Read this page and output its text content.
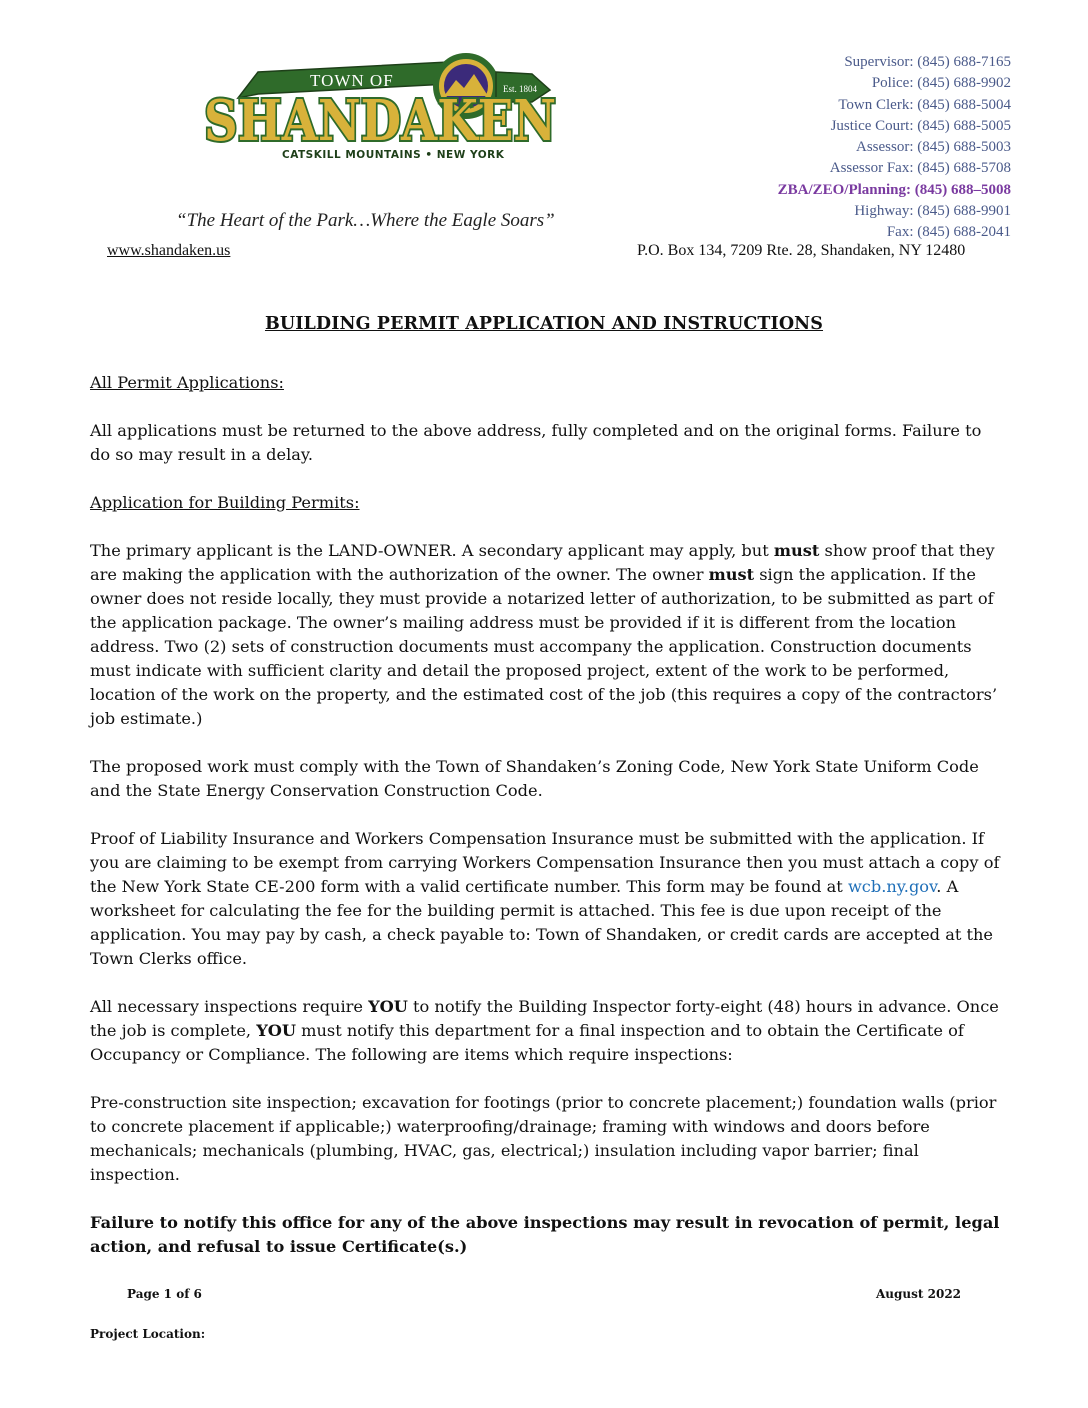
TOWN OF	Est. 1804
SHANDAKEN
CATSKILL MOUNTAINS • NEW YORK
“The Heart of the Park…Where the Eagle Soars”
www.shandaken.us	P.O. Box 134, 7209 Rte. 28, Shandaken, NY 12480
Supervisor: (845) 688-7165
Police: (845) 688-9902
Town Clerk: (845) 688-5004
Justice Court: (845) 688-5005
Assessor: (845) 688-5003
Assessor Fax: (845) 688-5708
ZBA/ZEO/Planning: (845) 688–5008
Highway: (845) 688-9901
Fax: (845) 688-2041
BUILDING PERMIT APPLICATION AND INSTRUCTIONS
All Permit Applications:
All applications must be returned to the above address, fully completed and on the original forms. Failure to do so may result in a delay.
Application for Building Permits:
The primary applicant is the LAND-OWNER. A secondary applicant may apply, but must show proof that they are making the application with the authorization of the owner. The owner must sign the application. If the owner does not reside locally, they must provide a notarized letter of authorization, to be submitted as part of the application package. The owner’s mailing address must be provided if it is different from the location address. Two (2) sets of construction documents must accompany the application. Construction documents must indicate with sufficient clarity and detail the proposed project, extent of the work to be performed, location of the work on the property, and the estimated cost of the job (this requires a copy of the contractors’ job estimate.)
The proposed work must comply with the Town of Shandaken’s Zoning Code, New York State Uniform Code and the State Energy Conservation Construction Code.
Proof of Liability Insurance and Workers Compensation Insurance must be submitted with the application. If you are claiming to be exempt from carrying Workers Compensation Insurance then you must attach a copy of the New York State CE-200 form with a valid certificate number. This form may be found at wcb.ny.gov. A worksheet for calculating the fee for the building permit is attached. This fee is due upon receipt of the application. You may pay by cash, a check payable to: Town of Shandaken, or credit cards are accepted at the Town Clerks office.
All necessary inspections require YOU to notify the Building Inspector forty-eight (48) hours in advance. Once the job is complete, YOU must notify this department for a final inspection and to obtain the Certificate of Occupancy or Compliance. The following are items which require inspections:
Pre-construction site inspection; excavation for footings (prior to concrete placement;) foundation walls (prior to concrete placement if applicable;) waterproofing/drainage; framing with windows and doors before mechanicals; mechanicals (plumbing, HVAC, gas, electrical;) insulation including vapor barrier; final inspection.
Failure to notify this office for any of the above inspections may result in revocation of permit, legal action, and refusal to issue Certificate(s.)
Page 1 of 6	August 2022
Project Location:
